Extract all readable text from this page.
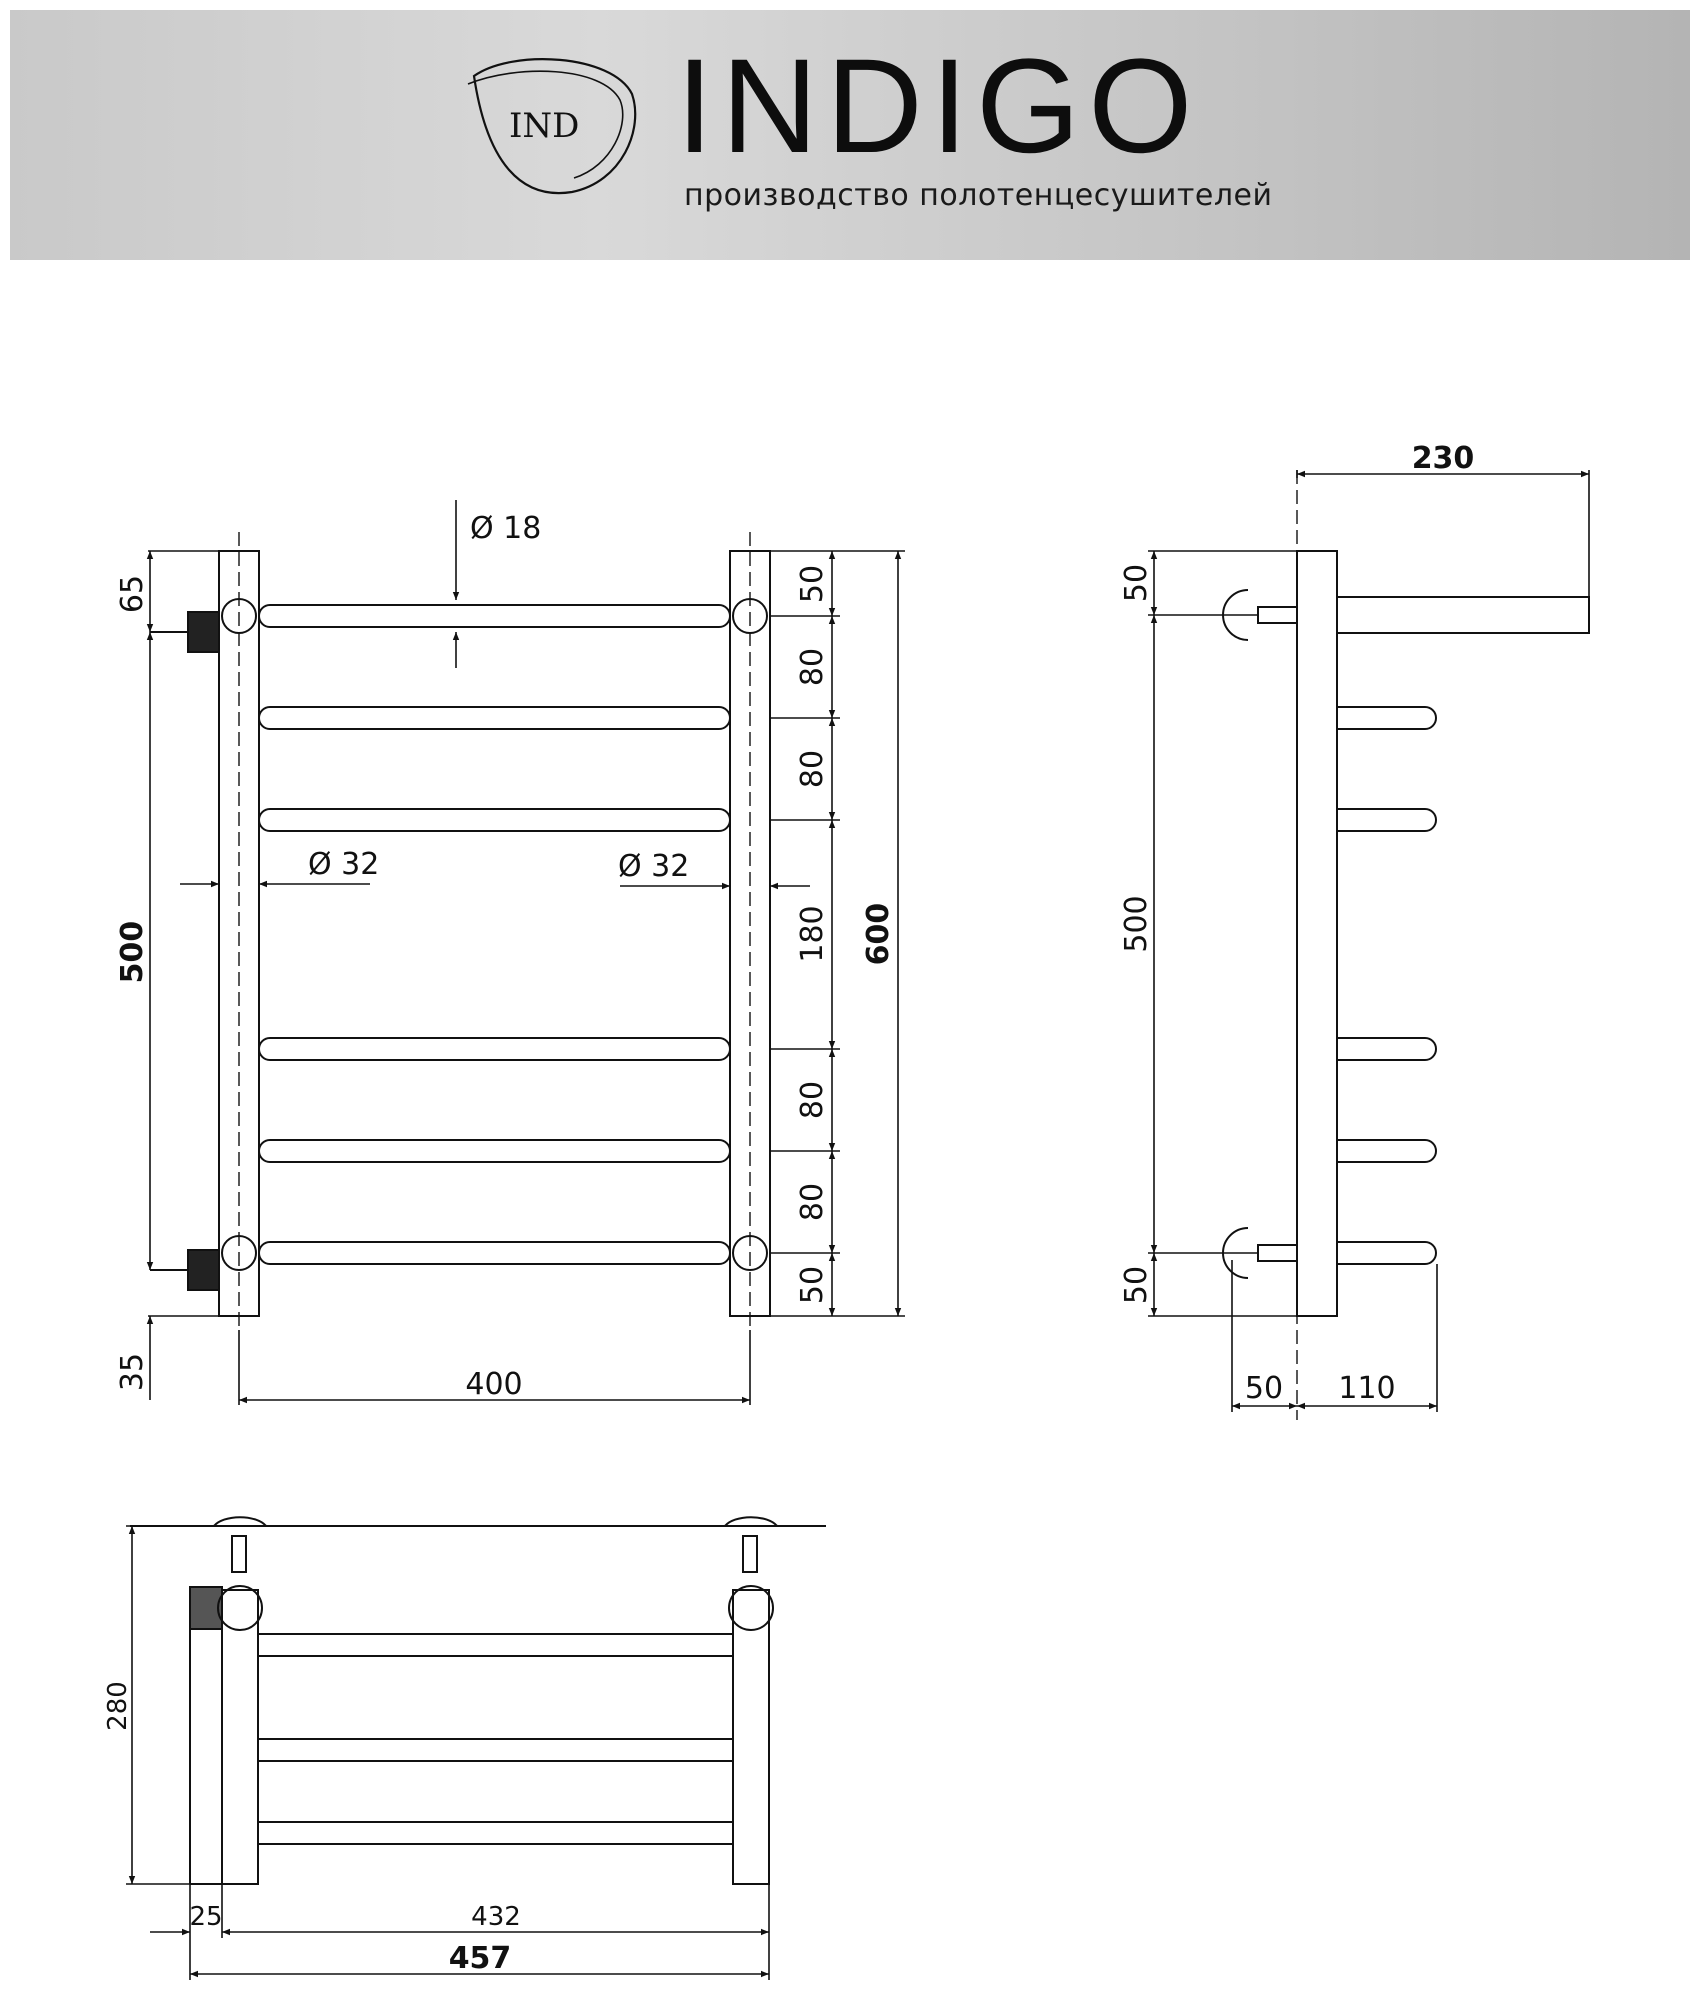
IND INDIGO
производство полотенцесушителей
Ø 18
Ø 32	Ø 32
65
500
35	400
50
80
80
180
80
80
50
600
230
50
500
50
50 110
280
25	432
457
